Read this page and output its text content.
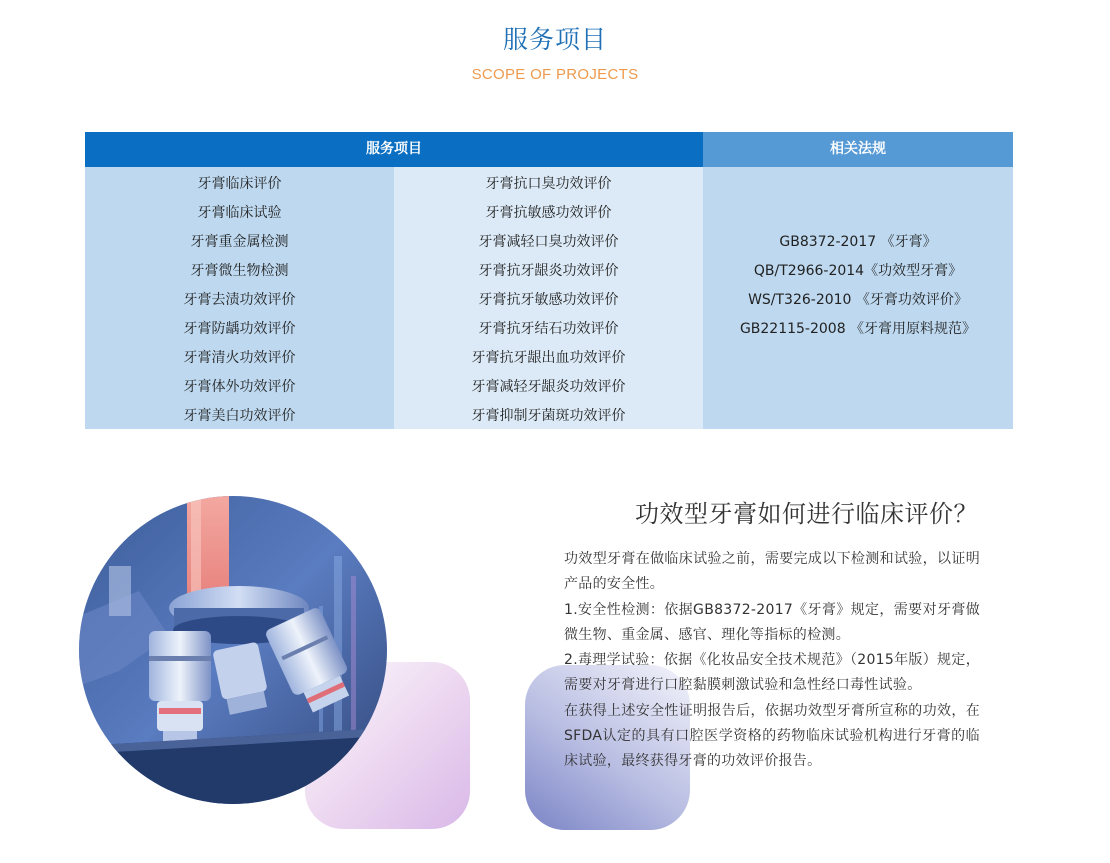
服务项目
SCOPE OF PROJECTS
服务项目	相关法规
牙膏临床评价
牙膏临床试验
牙膏重金属检测
牙膏微生物检测
牙膏去渍功效评价
牙膏防龋功效评价
牙膏清火功效评价
牙膏体外功效评价
牙膏美白功效评价
牙膏抗口臭功效评价
牙膏抗敏感功效评价
牙膏减轻口臭功效评价
牙膏抗牙龈炎功效评价
牙膏抗牙敏感功效评价
牙膏抗牙结石功效评价
牙膏抗牙龈出血功效评价
牙膏减轻牙龈炎功效评价
牙膏抑制牙菌斑功效评价
GB8372-2017 《牙膏》
QB/T2966-2014《功效型牙膏》
WS/T326-2010 《牙膏功效评价》
GB22115-2008 《牙膏用原料规范》
功效型牙膏如何进行临床评价？

功效型牙膏在做临床试验之前，需要完成以下检测和试验，以证明产品的安全性。

1.安全性检测：依据GB8372-2017《牙膏》规定，需要对牙膏做微生物、重金属、感官、理化等指标的检测。

2.毒理学试验：依据《化妆品安全技术规范》（2015年版）规定，需要对牙膏进行口腔黏膜刺激试验和急性经口毒性试验。

在获得上述安全性证明报告后，依据功效型牙膏所宣称的功效，在SFDA认定的具有口腔医学资格的药物临床试验机构进行牙膏的临床试验，最终获得牙膏的功效评价报告。
